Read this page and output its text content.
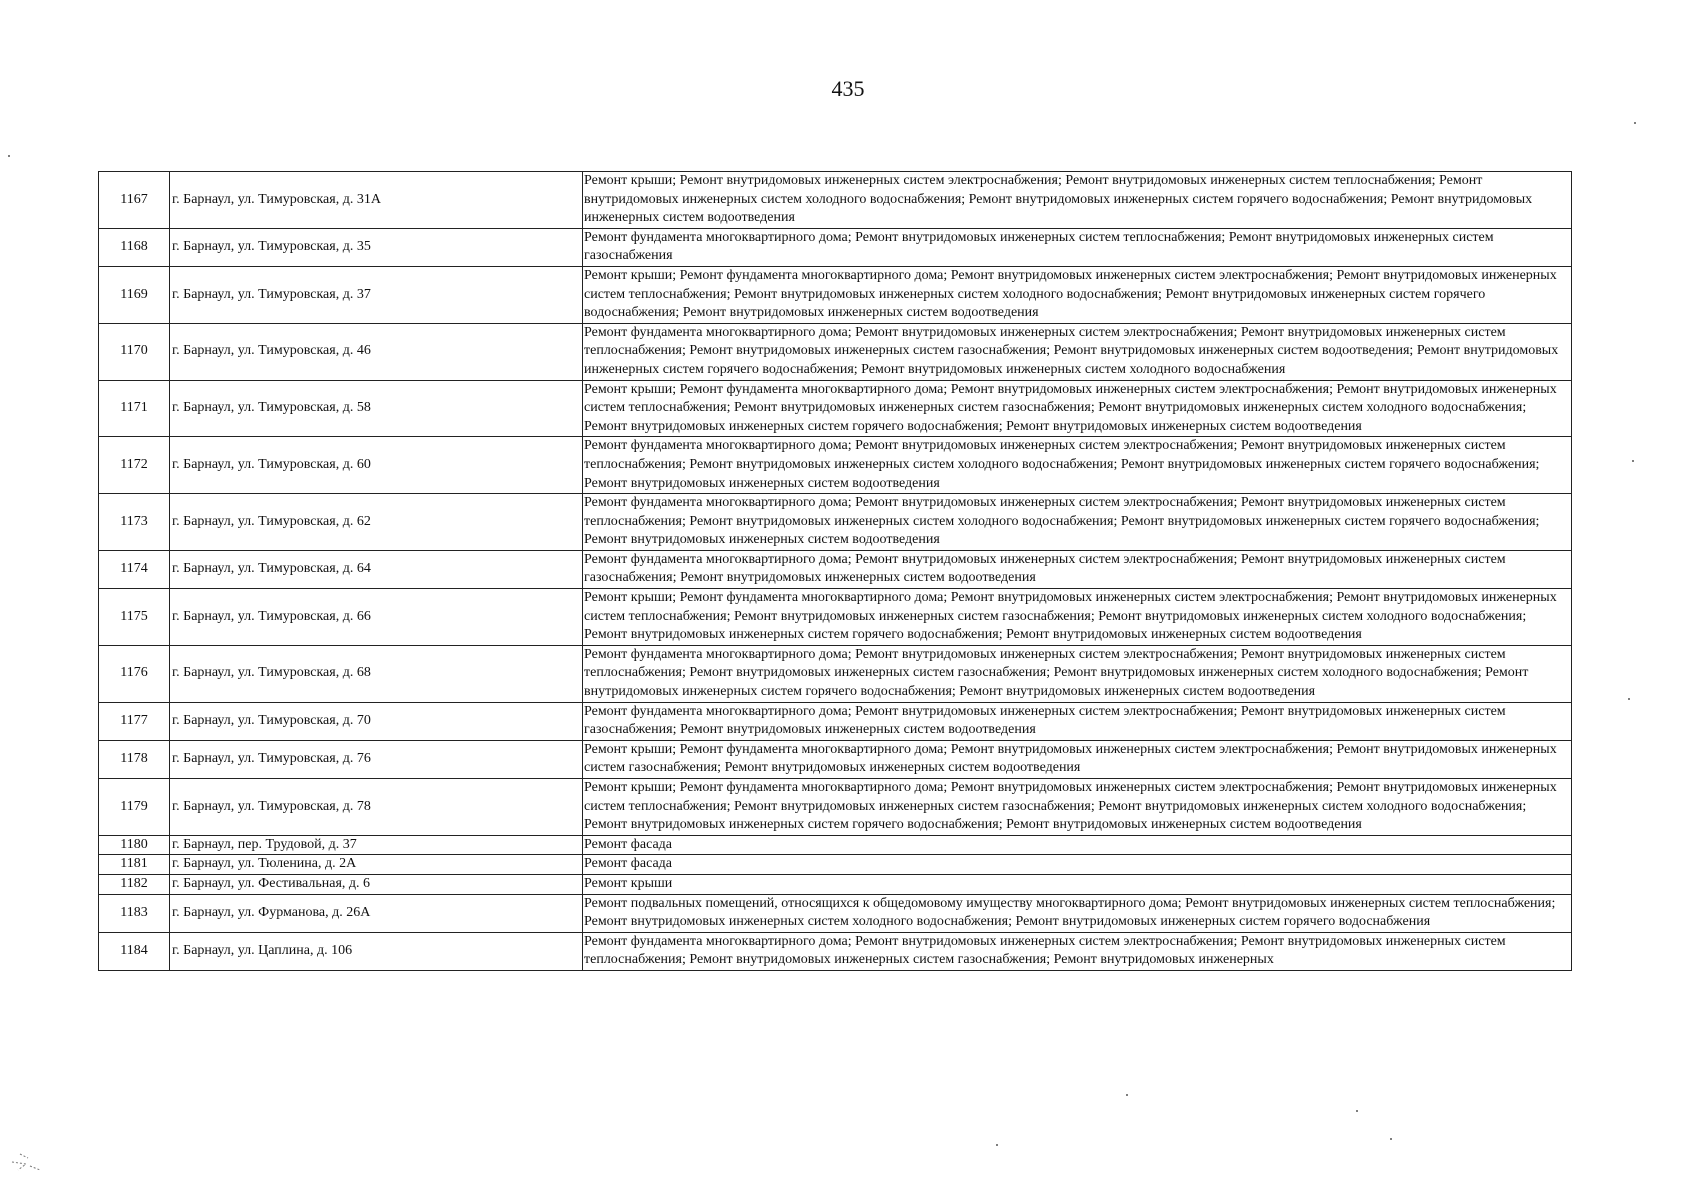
435
1167	г. Барнаул, ул. Тимуровская, д. 31А	Ремонт крыши; Ремонт внутридомовых инженерных систем электроснабжения; Ремонт внутридомовых инженерных систем теплоснабжения; Ремонт внутридомовых инженерных систем холодного водоснабжения; Ремонт внутридомовых инженерных систем горячего водоснабжения; Ремонт внутридомовых инженерных систем водоотведения
1168	г. Барнаул, ул. Тимуровская, д. 35	Ремонт фундамента многоквартирного дома; Ремонт внутридомовых инженерных систем теплоснабжения; Ремонт внутридомовых инженерных систем газоснабжения
1169	г. Барнаул, ул. Тимуровская, д. 37	Ремонт крыши; Ремонт фундамента многоквартирного дома; Ремонт внутридомовых инженерных систем электроснабжения; Ремонт внутридомовых инженерных систем теплоснабжения; Ремонт внутридомовых инженерных систем холодного водоснабжения; Ремонт внутридомовых инженерных систем горячего водоснабжения; Ремонт внутридомовых инженерных систем водоотведения
1170	г. Барнаул, ул. Тимуровская, д. 46	Ремонт фундамента многоквартирного дома; Ремонт внутридомовых инженерных систем электроснабжения; Ремонт внутридомовых инженерных систем теплоснабжения; Ремонт внутридомовых инженерных систем газоснабжения; Ремонт внутридомовых инженерных систем водоотведения; Ремонт внутридомовых инженерных систем горячего водоснабжения; Ремонт внутридомовых инженерных систем холодного водоснабжения
1171	г. Барнаул, ул. Тимуровская, д. 58	Ремонт крыши; Ремонт фундамента многоквартирного дома; Ремонт внутридомовых инженерных систем электроснабжения; Ремонт внутридомовых инженерных систем теплоснабжения; Ремонт внутридомовых инженерных систем газоснабжения; Ремонт внутридомовых инженерных систем холодного водоснабжения; Ремонт внутридомовых инженерных систем горячего водоснабжения; Ремонт внутридомовых инженерных систем водоотведения
1172	г. Барнаул, ул. Тимуровская, д. 60	Ремонт фундамента многоквартирного дома; Ремонт внутридомовых инженерных систем электроснабжения; Ремонт внутридомовых инженерных систем теплоснабжения; Ремонт внутридомовых инженерных систем холодного водоснабжения; Ремонт внутридомовых инженерных систем горячего водоснабжения; Ремонт внутридомовых инженерных систем водоотведения
1173	г. Барнаул, ул. Тимуровская, д. 62	Ремонт фундамента многоквартирного дома; Ремонт внутридомовых инженерных систем электроснабжения; Ремонт внутридомовых инженерных систем теплоснабжения; Ремонт внутридомовых инженерных систем холодного водоснабжения; Ремонт внутридомовых инженерных систем горячего водоснабжения; Ремонт внутридомовых инженерных систем водоотведения
1174	г. Барнаул, ул. Тимуровская, д. 64	Ремонт фундамента многоквартирного дома; Ремонт внутридомовых инженерных систем электроснабжения; Ремонт внутридомовых инженерных систем газоснабжения; Ремонт внутридомовых инженерных систем водоотведения
1175	г. Барнаул, ул. Тимуровская, д. 66	Ремонт крыши; Ремонт фундамента многоквартирного дома; Ремонт внутридомовых инженерных систем электроснабжения; Ремонт внутридомовых инженерных систем теплоснабжения; Ремонт внутридомовых инженерных систем газоснабжения; Ремонт внутридомовых инженерных систем холодного водоснабжения; Ремонт внутридомовых инженерных систем горячего водоснабжения; Ремонт внутридомовых инженерных систем водоотведения
1176	г. Барнаул, ул. Тимуровская, д. 68	Ремонт фундамента многоквартирного дома; Ремонт внутридомовых инженерных систем электроснабжения; Ремонт внутридомовых инженерных систем теплоснабжения; Ремонт внутридомовых инженерных систем газоснабжения; Ремонт внутридомовых инженерных систем холодного водоснабжения; Ремонт внутридомовых инженерных систем горячего водоснабжения; Ремонт внутридомовых инженерных систем водоотведения
1177	г. Барнаул, ул. Тимуровская, д. 70	Ремонт фундамента многоквартирного дома; Ремонт внутридомовых инженерных систем электроснабжения; Ремонт внутридомовых инженерных систем газоснабжения; Ремонт внутридомовых инженерных систем водоотведения
1178	г. Барнаул, ул. Тимуровская, д. 76	Ремонт крыши; Ремонт фундамента многоквартирного дома; Ремонт внутридомовых инженерных систем электроснабжения; Ремонт внутридомовых инженерных систем газоснабжения; Ремонт внутридомовых инженерных систем водоотведения
1179	г. Барнаул, ул. Тимуровская, д. 78	Ремонт крыши; Ремонт фундамента многоквартирного дома; Ремонт внутридомовых инженерных систем электроснабжения; Ремонт внутридомовых инженерных систем теплоснабжения; Ремонт внутридомовых инженерных систем газоснабжения; Ремонт внутридомовых инженерных систем холодного водоснабжения; Ремонт внутридомовых инженерных систем горячего водоснабжения; Ремонт внутридомовых инженерных систем водоотведения
1180	г. Барнаул, пер. Трудовой, д. 37	Ремонт фасада
1181	г. Барнаул, ул. Тюленина, д. 2А	Ремонт фасада
1182	г. Барнаул, ул. Фестивальная, д. 6	Ремонт крыши
1183	г. Барнаул, ул. Фурманова, д. 26А	Ремонт подвальных помещений, относящихся к общедомовому имуществу многоквартирного дома; Ремонт внутридомовых инженерных систем теплоснабжения; Ремонт внутридомовых инженерных систем холодного водоснабжения; Ремонт внутридомовых инженерных систем горячего водоснабжения
1184	г. Барнаул, ул. Цаплина, д. 106	Ремонт фундамента многоквартирного дома; Ремонт внутридомовых инженерных систем электроснабжения; Ремонт внутридомовых инженерных систем теплоснабжения; Ремонт внутридомовых инженерных систем газоснабжения; Ремонт внутридомовых инженерных
